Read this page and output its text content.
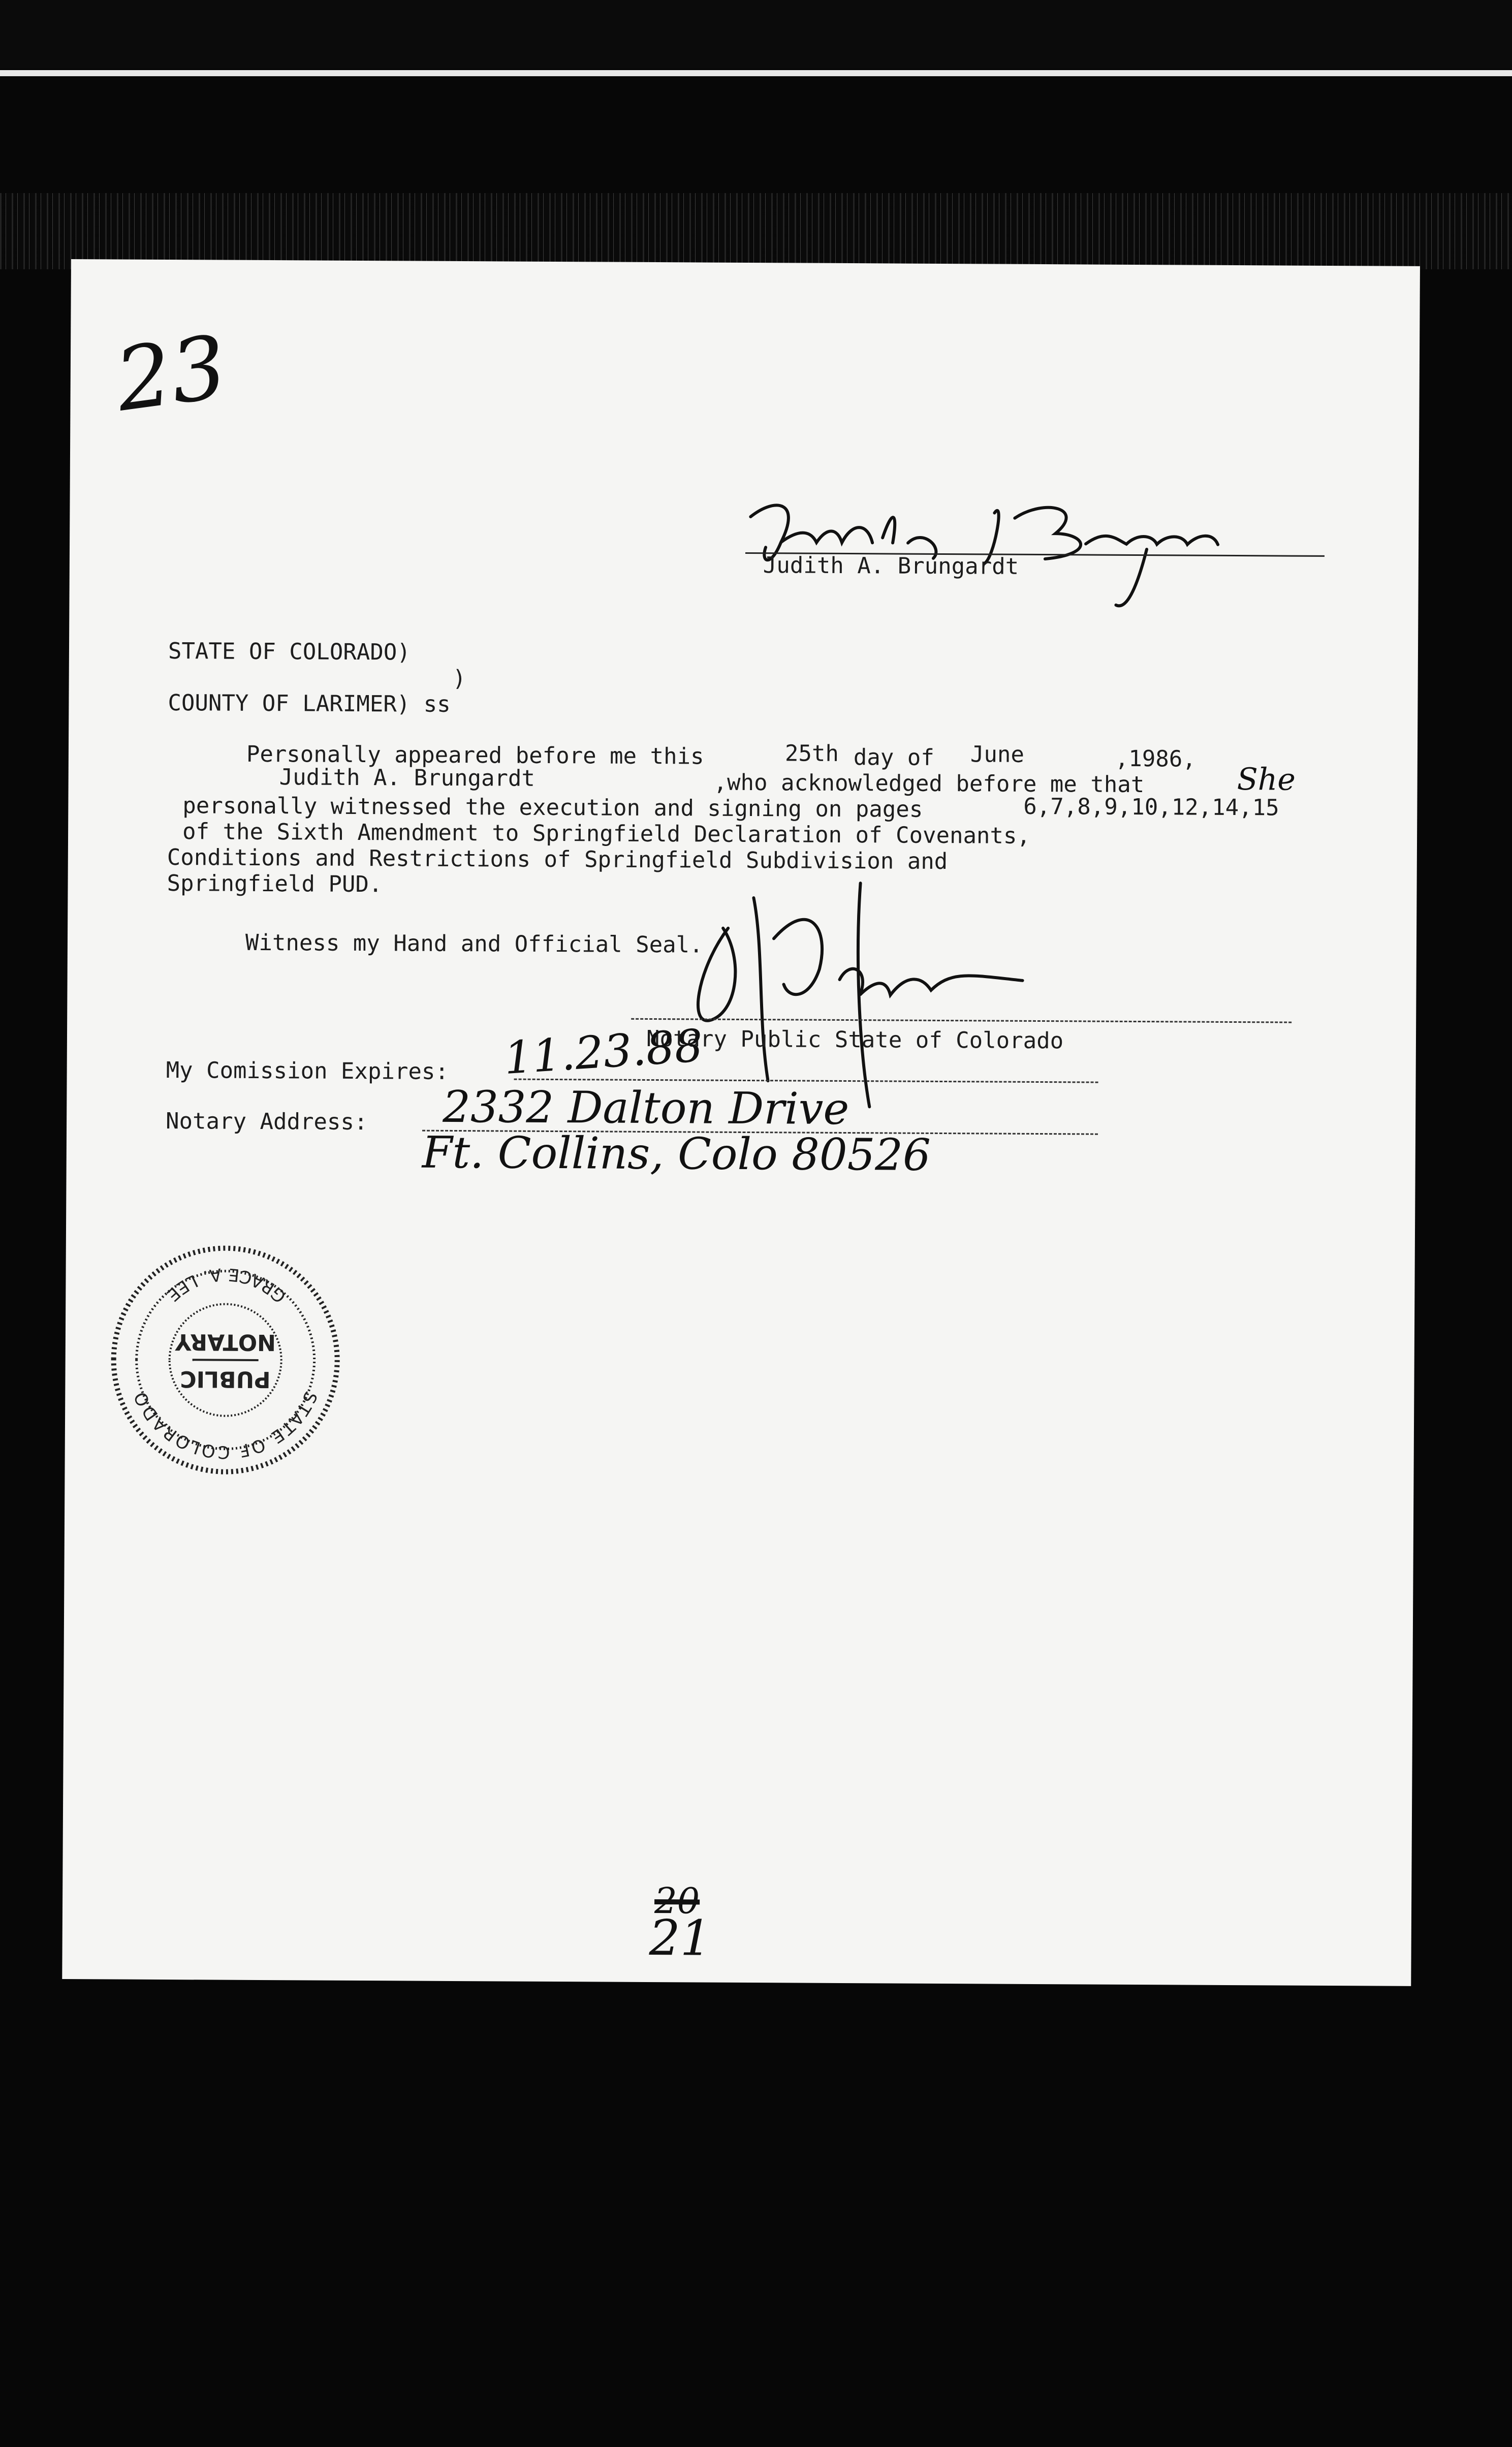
23

Judith A. Brungardt

STATE OF COLORADO)

)

COUNTY OF LARIMER) ss

Personally appeared before me this	25th day of June	,1986,

Judith A. Brungardt	,who acknowledged before me that	She

personally witnessed the execution and signing on pages	6,7,8,9,10,12,14,15

of the Sixth Amendment to Springfield Declaration of Covenants,

Conditions and Restrictions of Springfield Subdivision and

Springfield PUD.

Witness my Hand and Official Seal.

Notary Public State of Colorado

My Comission Expires: 11.23.88

Notary Address: 2332 Dalton Drive

Ft. Collins, Colo 80526

STATE OF COLORADO
GRACE A. LEE
PUBLIC
NOTARY

20

21
